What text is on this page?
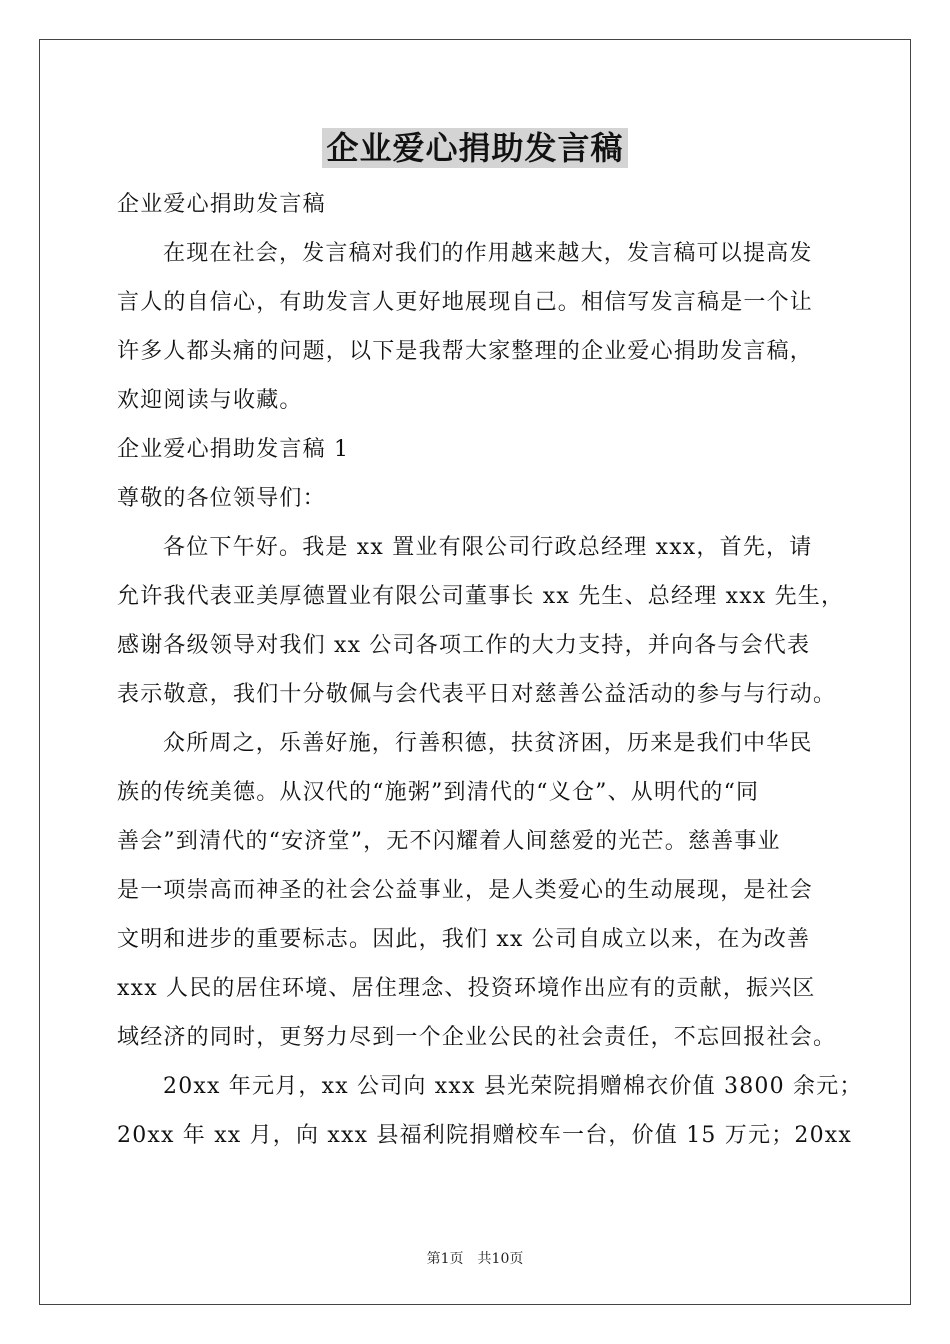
企业爱心捐助发言稿
企业爱心捐助发言稿
在现在社会，发言稿对我们的作用越来越大，发言稿可以提高发
言人的自信心，有助发言人更好地展现自己。相信写发言稿是一个让
许多人都头痛的问题，以下是我帮大家整理的企业爱心捐助发言稿，
欢迎阅读与收藏。
企业爱心捐助发言稿 1
尊敬的各位领导们：
各位下午好。我是 xx 置业有限公司行政总经理 xxx，首先，请
允许我代表亚美厚德置业有限公司董事长 xx 先生、总经理 xxx 先生，
感谢各级领导对我们 xx 公司各项工作的大力支持，并向各与会代表
表示敬意，我们十分敬佩与会代表平日对慈善公益活动的参与与行动。
众所周之，乐善好施，行善积德，扶贫济困，历来是我们中华民
族的传统美德。从汉代的“施粥”到清代的“义仓”、从明代的“同
善会”到清代的“安济堂”，无不闪耀着人间慈爱的光芒。慈善事业
是一项崇高而神圣的社会公益事业，是人类爱心的生动展现，是社会
文明和进步的重要标志。因此，我们 xx 公司自成立以来，在为改善
xxx 人民的居住环境、居住理念、投资环境作出应有的贡献，振兴区
域经济的同时，更努力尽到一个企业公民的社会责任，不忘回报社会。
20xx 年元月，xx 公司向 xxx 县光荣院捐赠棉衣价值 3800 余元；
20xx 年 xx 月，向 xxx 县福利院捐赠校车一台，价值 15 万元；20xx
第1页　共10页
